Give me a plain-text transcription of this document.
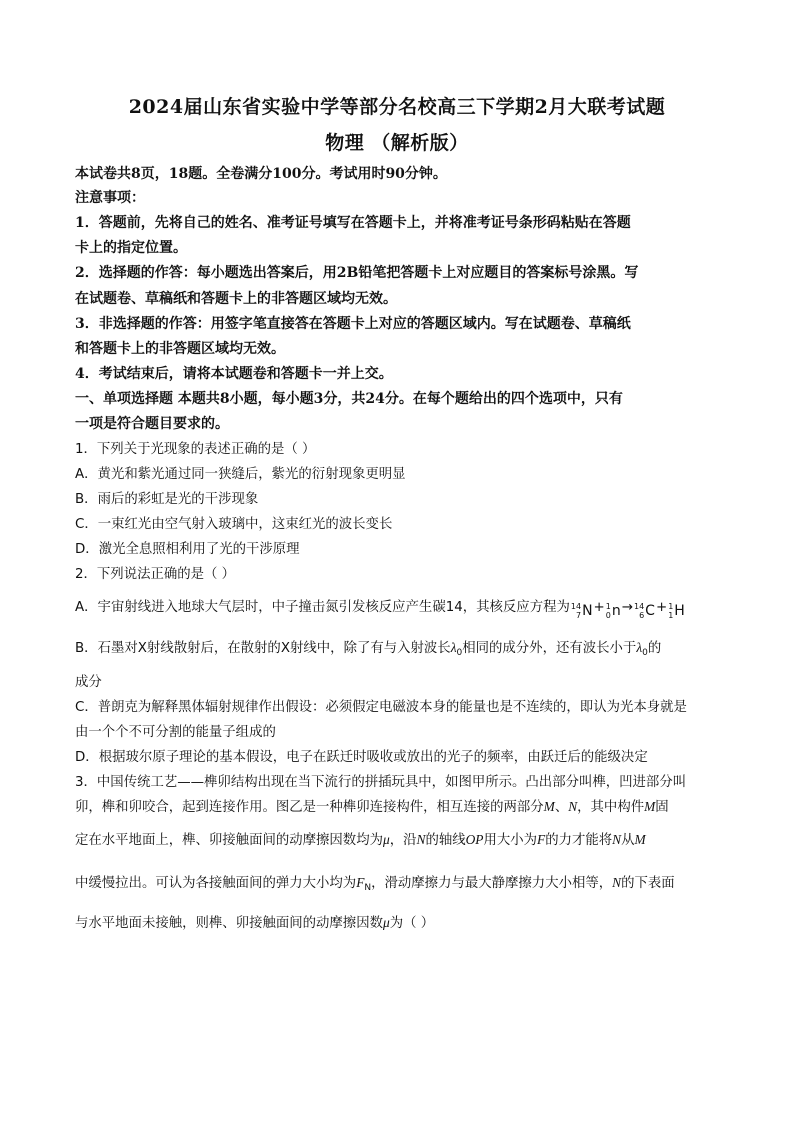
2024届山东省实验中学等部分名校高三下学期2月大联考试题
物理 （解析版）
本试卷共8页，18题。全卷满分100分。考试用时90分钟。
注意事项：
1．答题前，先将自己的姓名、准考证号填写在答题卡上，并将准考证号条形码粘贴在答题
卡上的指定位置。
2．选择题的作答：每小题选出答案后，用2B铅笔把答题卡上对应题目的答案标号涂黑。写
在试题卷、草稿纸和答题卡上的非答题区域均无效。
3．非选择题的作答：用签字笔直接答在答题卡上对应的答题区域内。写在试题卷、草稿纸
和答题卡上的非答题区域均无效。
4．考试结束后，请将本试题卷和答题卡一并上交。
一、单项选择题 本题共8小题，每小题3分，共24分。在每个题给出的四个选项中，只有
一项是符合题目要求的。
1．下列关于光现象的表述正确的是（ ）
A．黄光和紫光通过同一狭缝后，紫光的衍射现象更明显
B．雨后的彩虹是光的干涉现象
C．一束红光由空气射入玻璃中，这束红光的波长变长
D．激光全息照相利用了光的干涉原理
2．下列说法正确的是（ ）
A．宇宙射线进入地球大气层时，中子撞击氮引发核反应产生碳14，其核反应方程为 14
7 N+ 1
0 n→ 14
6 C+ 1
1 H
B．石墨对X射线散射后，在散射的X射线中，除了有与入射波长$\lambda_0$相同的成分外，还有波长小于$\lambda_0$的
成分
C．普朗克为解释黑体辐射规律作出假设：必须假定电磁波本身的能量也是不连续的，即认为光本身就是
由一个个不可分割的能量子组成的
D．根据玻尔原子理论的基本假设，电子在跃迁时吸收或放出的光子的频率，由跃迁后的能级决定
3．中国传统工艺——榫卯结构出现在当下流行的拼插玩具中，如图甲所示。凸出部分叫榫，凹进部分叫
卯，榫和卯咬合，起到连接作用。图乙是一种榫卯连接构件，相互连接的两部分M、N，其中构件M固
定在水平地面上，榫、卯接触面间的动摩擦因数均为μ，沿N的轴线OP用大小为F的力才能将N从M
中缓慢拉出。可认为各接触面间的弹力大小均为$F_N$，滑动摩擦力与最大静摩擦力大小相等，N的下表面
与水平地面未接触，则榫、卯接触面间的动摩擦因数μ为（ ）
